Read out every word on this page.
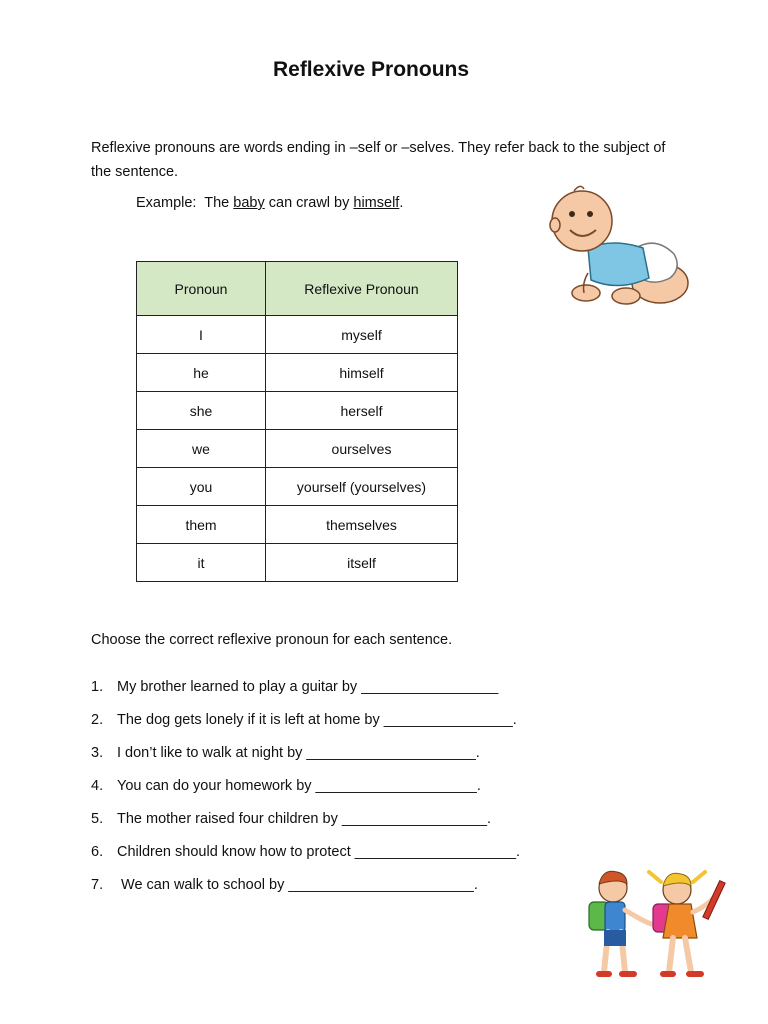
Reflexive Pronouns
Reflexive pronouns are words ending in –self or –selves. They refer back to the subject of the sentence.
Example: The baby can crawl by himself.
Pronoun	Reflexive Pronoun
I	myself
he	himself
she	herself
we	ourselves
you	yourself (yourselves)
them	themselves
it	itself
Choose the correct reflexive pronoun for each sentence.
1. My brother learned to play a guitar by _________________
2. The dog gets lonely if it is left at home by ________________.
3. I don’t like to walk at night by _____________________.
4. You can do your homework by ____________________.
5. The mother raised four children by __________________.
6. Children should know how to protect ____________________.
7. We can walk to school by _______________________.
